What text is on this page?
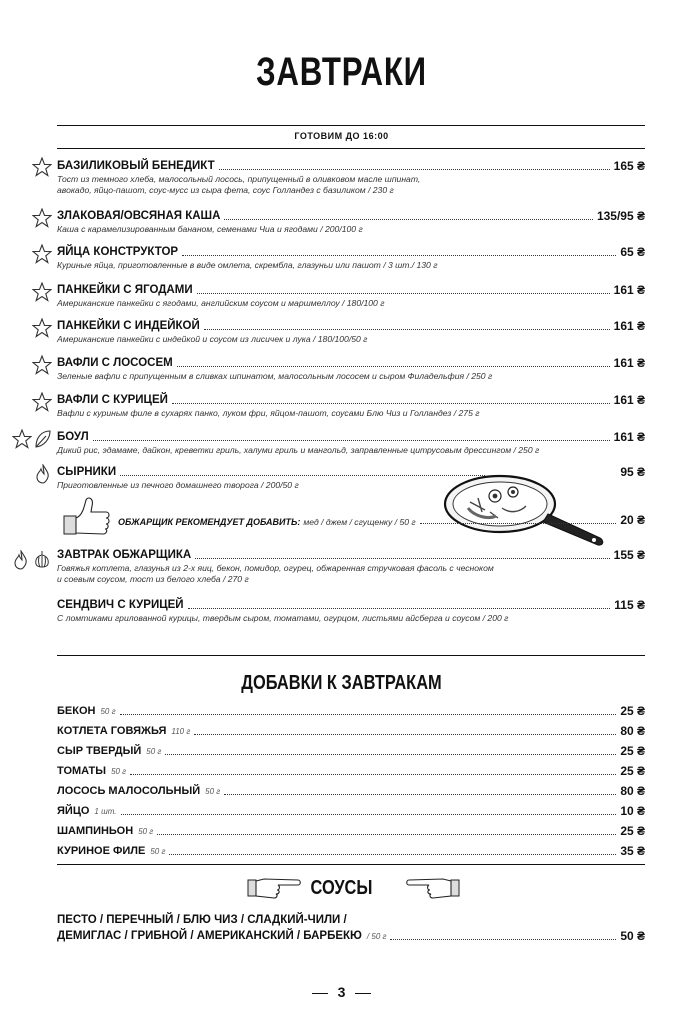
ЗАВТРАКИ
ГОТОВИМ ДО 16:00
БАЗИЛИКОВЫЙ БЕНЕДИКТ	165 ₴
Тост из темного хлеба, малосольный лосось, припущенный в оливковом масле шпинат,
авокадо, яйцо-пашот, соус-мусс из сыра фета, соус Голландез с базиликом / 230 г
ЗЛАКОВАЯ/ОВСЯНАЯ КАША	135/95 ₴
Каша с карамелизированным бананом, семенами Чиа и ягодами / 200/100 г
ЯЙЦА КОНСТРУКТОР	65 ₴
Куриные яйца, приготовленные в виде омлета, скрембла, глазуньи или пашот / 3 шт./ 130 г
ПАНКЕЙКИ С ЯГОДАМИ	161 ₴
Американские панкейки с ягодами, английским соусом и маршмеллоу / 180/100 г
ПАНКЕЙКИ С ИНДЕЙКОЙ	161 ₴
Американские панкейки с индейкой и соусом из лисичек и лука / 180/100/50 г
ВАФЛИ С ЛОСОСЕМ	161 ₴
Зеленые вафли с припущенным в сливках шпинатом, малосольным лососем и сыром Филадельфия / 250 г
ВАФЛИ С КУРИЦЕЙ	161 ₴
Вафли с куриным филе в сухарях панко, луком фри, яйцом-пашот, соусами Блю Чиз и Голландез / 275 г
БОУЛ	161 ₴
Дикий рис, эдамаме, дайкон, креветки гриль, халуми гриль и мангольд, заправленные цитрусовым дрессингом / 250 г
СЫРНИКИ	95 ₴
Приготовленные из печного домашнего творога / 200/50 г
ОБЖАРЩИК РЕКОМЕНДУЕТ ДОБАВИТЬ: мед / джем / сгущенку / 50 г	20 ₴
ЗАВТРАК ОБЖАРЩИКА	155 ₴
Говяжья котлета, глазунья из 2-х яиц, бекон, помидор, огурец, обжаренная стручковая фасоль с чесноком
и соевым соусом, тост из белого хлеба / 270 г
СЕНДВИЧ С КУРИЦЕЙ	115 ₴
С ломтиками грилованной курицы, твердым сыром, томатами, огурцом, листьями айсберга и соусом / 200 г
ДОБАВКИ К ЗАВТРАКАМ
БЕКОН 50 г	25 ₴
КОТЛЕТА ГОВЯЖЬЯ 110 г	80 ₴
СЫР ТВЕРДЫЙ 50 г	25 ₴
ТОМАТЫ 50 г	25 ₴
ЛОСОСЬ МАЛОСОЛЬНЫЙ 50 г	80 ₴
ЯЙЦО 1 шт.	10 ₴
ШАМПИНЬОН 50 г	25 ₴
КУРИНОЕ ФИЛЕ 50 г	35 ₴
СОУСЫ
ПЕСТО / ПЕРЕЧНЫЙ / БЛЮ ЧИЗ / СЛАДКИЙ-ЧИЛИ /
ДЕМИГЛАС / ГРИБНОЙ / АМЕРИКАНСКИЙ / БАРБЕКЮ / 50 г	50 ₴
3
